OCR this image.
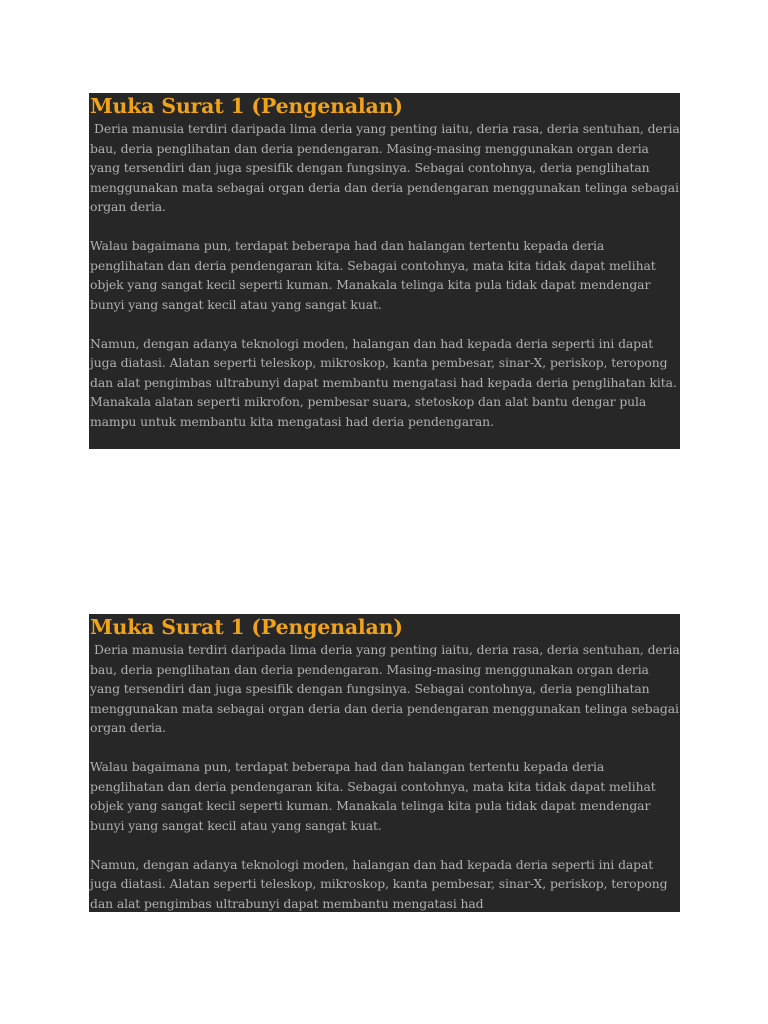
Muka Surat 1 (Pengenalan)

Deria manusia terdiri daripada lima deria yang penting iaitu, deria rasa, deria sentuhan, deria bau, deria penglihatan dan deria pendengaran. Masing-masing menggunakan organ deria yang tersendiri dan juga spesifik dengan fungsinya. Sebagai contohnya, deria penglihatan menggunakan mata sebagai organ deria dan deria pendengaran menggunakan telinga sebagai organ deria.

Walau bagaimana pun, terdapat beberapa had dan halangan tertentu kepada deria penglihatan dan deria pendengaran kita. Sebagai contohnya, mata kita tidak dapat melihat objek yang sangat kecil seperti kuman. Manakala telinga kita pula tidak dapat mendengar bunyi yang sangat kecil atau yang sangat kuat.

Namun, dengan adanya teknologi moden, halangan dan had kepada deria seperti ini dapat juga diatasi. Alatan seperti teleskop, mikroskop, kanta pembesar, sinar-X, periskop, teropong dan alat pengimbas ultrabunyi dapat membantu mengatasi had kepada deria penglihatan kita. Manakala alatan seperti mikrofon, pembesar suara, stetoskop dan alat bantu dengar pula mampu untuk membantu kita mengatasi had deria pendengaran.

Muka Surat 1 (Pengenalan)

Deria manusia terdiri daripada lima deria yang penting iaitu, deria rasa, deria sentuhan, deria bau, deria penglihatan dan deria pendengaran. Masing-masing menggunakan organ deria yang tersendiri dan juga spesifik dengan fungsinya. Sebagai contohnya, deria penglihatan menggunakan mata sebagai organ deria dan deria pendengaran menggunakan telinga sebagai organ deria.

Walau bagaimana pun, terdapat beberapa had dan halangan tertentu kepada deria penglihatan dan deria pendengaran kita. Sebagai contohnya, mata kita tidak dapat melihat objek yang sangat kecil seperti kuman. Manakala telinga kita pula tidak dapat mendengar bunyi yang sangat kecil atau yang sangat kuat.

Namun, dengan adanya teknologi moden, halangan dan had kepada deria seperti ini dapat juga diatasi. Alatan seperti teleskop, mikroskop, kanta pembesar, sinar-X, periskop, teropong dan alat pengimbas ultrabunyi dapat membantu mengatasi had
